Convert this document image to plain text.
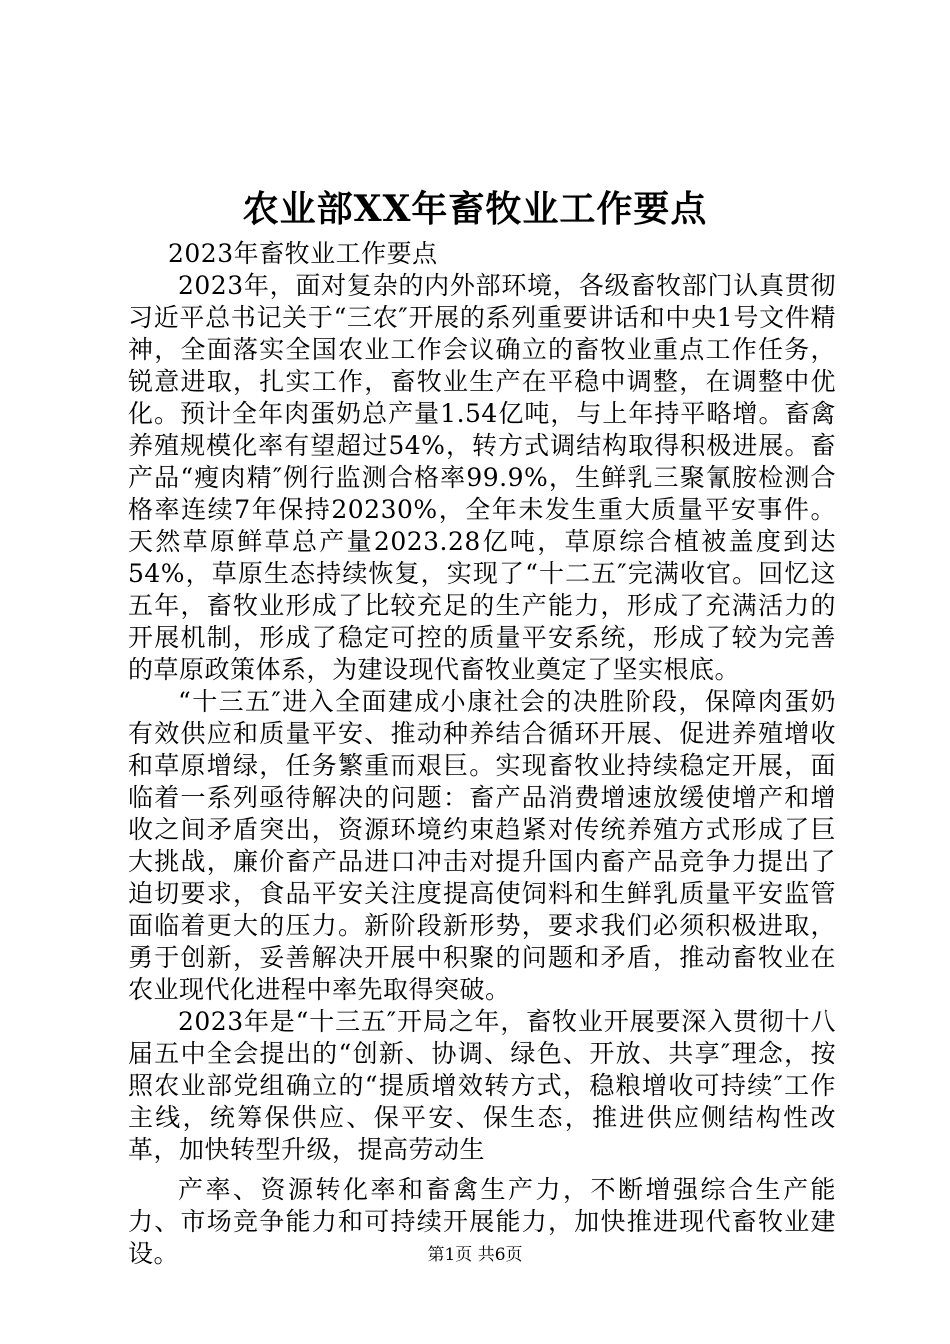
农业部XX年畜牧业工作要点

2023年畜牧业工作要点

2023年，面对复杂的内外部环境，各级畜牧部门认真贯彻习近平总书记关于“三农″开展的系列重要讲话和中央1号文件精神，全面落实全国农业工作会议确立的畜牧业重点工作任务，锐意进取，扎实工作，畜牧业生产在平稳中调整，在调整中优化。预计全年肉蛋奶总产量1.54亿吨，与上年持平略增。畜禽养殖规模化率有望超过54%，转方式调结构取得积极进展。畜产品“瘦肉精″例行监测合格率99.9%，生鲜乳三聚氰胺检测合格率连续7年保持20230%，全年未发生重大质量平安事件。天然草原鲜草总产量2023.28亿吨，草原综合植被盖度到达54%，草原生态持续恢复，实现了“十二五″完满收官。回忆这五年，畜牧业形成了比较充足的生产能力，形成了充满活力的开展机制，形成了稳定可控的质量平安系统，形成了较为完善的草原政策体系，为建设现代畜牧业奠定了坚实根底。

“十三五″进入全面建成小康社会的决胜阶段，保障肉蛋奶有效供应和质量平安、推动种养结合循环开展、促进养殖增收和草原增绿，任务繁重而艰巨。实现畜牧业持续稳定开展，面临着一系列亟待解决的问题：畜产品消费增速放缓使增产和增收之间矛盾突出，资源环境约束趋紧对传统养殖方式形成了巨大挑战，廉价畜产品进口冲击对提升国内畜产品竞争力提出了迫切要求，食品平安关注度提高使饲料和生鲜乳质量平安监管面临着更大的压力。新阶段新形势，要求我们必须积极进取，勇于创新，妥善解决开展中积聚的问题和矛盾，推动畜牧业在农业现代化进程中率先取得突破。

2023年是“十三五″开局之年，畜牧业开展要深入贯彻十八届五中全会提出的“创新、协调、绿色、开放、共享″理念，按照农业部党组确立的“提质增效转方式，稳粮增收可持续″工作主线，统筹保供应、保平安、保生态，推进供应侧结构性改革，加快转型升级，提高劳动生

产率、资源转化率和畜禽生产力，不断增强综合生产能力、市场竞争能力和可持续开展能力，加快推进现代畜牧业建设。	第1页 共6页
